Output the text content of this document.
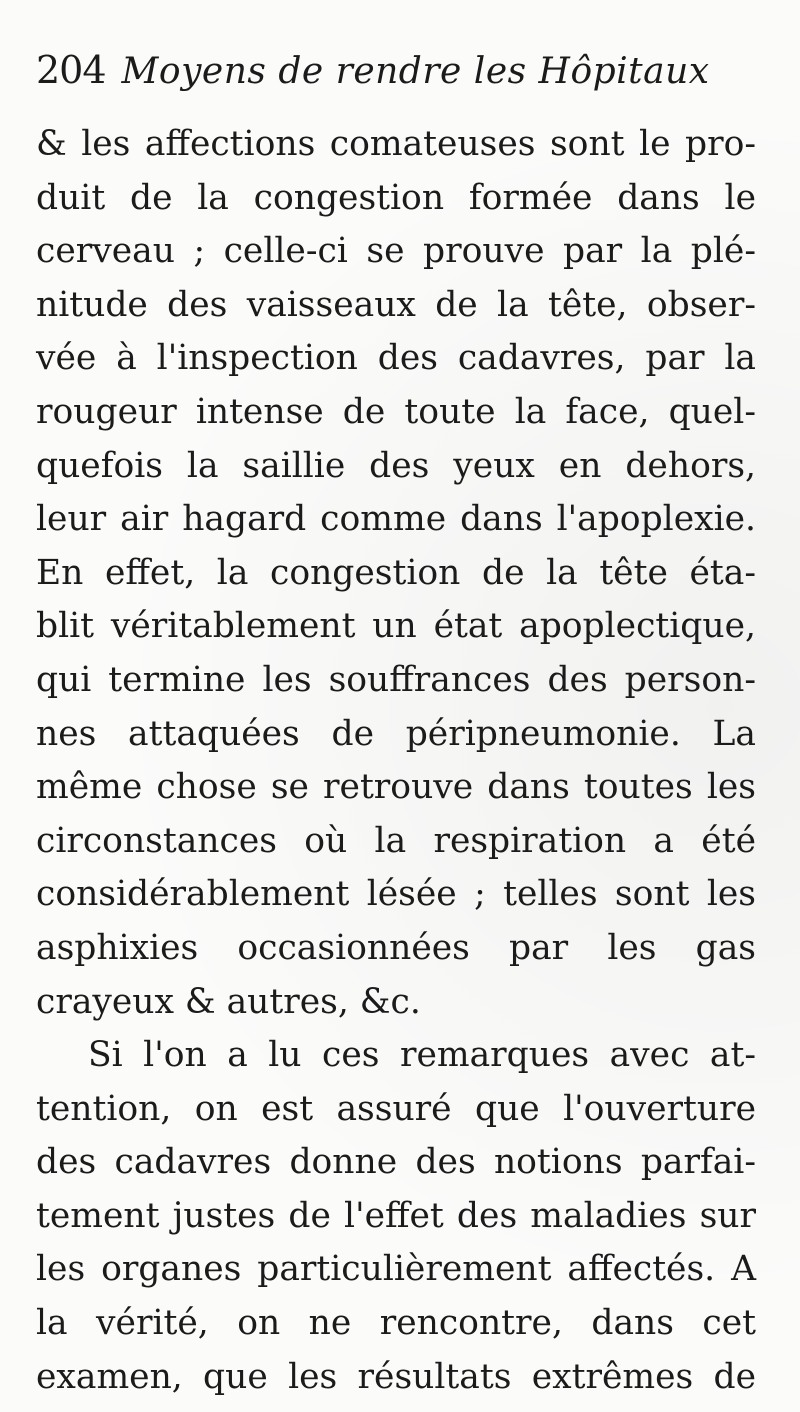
204 Moyens de rendre les Hôpitaux
& les affections comateuses sont le pro-
duit de la congestion formée dans le
cerveau ; celle-ci se prouve par la plé-
nitude des vaisseaux de la tête, obser-
vée à l'inspection des cadavres, par la
rougeur intense de toute la face, quel-
quefois la saillie des yeux en dehors,
leur air hagard comme dans l'apoplexie.
En effet, la congestion de la tête éta-
blit véritablement un état apoplectique,
qui termine les souffrances des person-
nes attaquées de péripneumonie. La
même chose se retrouve dans toutes les
circonstances où la respiration a été
considérablement lésée ; telles sont les
asphixies occasionnées par les gas
crayeux & autres, &c.
Si l'on a lu ces remarques avec at-
tention, on est assuré que l'ouverture
des cadavres donne des notions parfai-
tement justes de l'effet des maladies sur
les organes particulièrement affectés. A
la vérité, on ne rencontre, dans cet
examen, que les résultats extrêmes de
